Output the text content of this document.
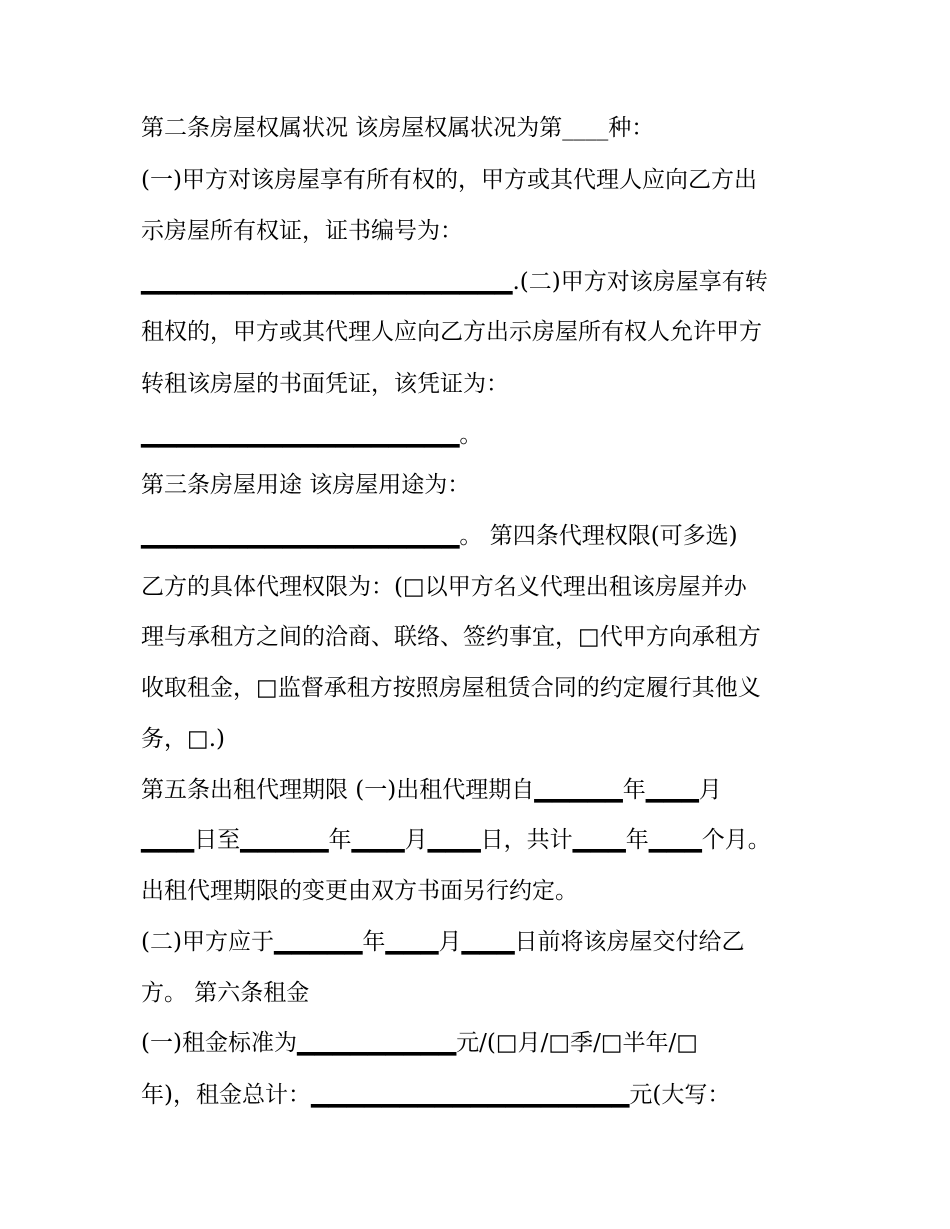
第二条房屋权属状况 该房屋权属状况为第____种：
(一)甲方对该房屋享有所有权的，甲方或其代理人应向乙方出
示房屋所有权证，证书编号为：
▁▁▁▁▁▁▁▁▁▁▁▁▁▁▁▁▁▁▁▁▁.(二)甲方对该房屋享有转
租权的，甲方或其代理人应向乙方出示房屋所有权人允许甲方
转租该房屋的书面凭证，该凭证为：
▁▁▁▁▁▁▁▁▁▁▁▁▁▁▁▁▁▁。
第三条房屋用途 该房屋用途为：
▁▁▁▁▁▁▁▁▁▁▁▁▁▁▁▁▁▁。 第四条代理权限(可多选)
乙方的具体代理权限为：(□以甲方名义代理出租该房屋并办
理与承租方之间的洽商、联络、签约事宜，□代甲方向承租方
收取租金，□监督承租方按照房屋租赁合同的约定履行其他义
务，□.)
第五条出租代理期限 (一)出租代理期自▁▁▁▁▁年▁▁▁月
▁▁▁日至▁▁▁▁▁年▁▁▁月▁▁▁日，共计▁▁▁年▁▁▁个月。
出租代理期限的变更由双方书面另行约定。
(二)甲方应于▁▁▁▁▁年▁▁▁月▁▁▁日前将该房屋交付给乙
方。 第六条租金
(一)租金标准为▁▁▁▁▁▁▁▁▁元/(□月/□季/□半年/□
年)，租金总计：▁▁▁▁▁▁▁▁▁▁▁▁▁▁▁▁▁▁元(大写：
